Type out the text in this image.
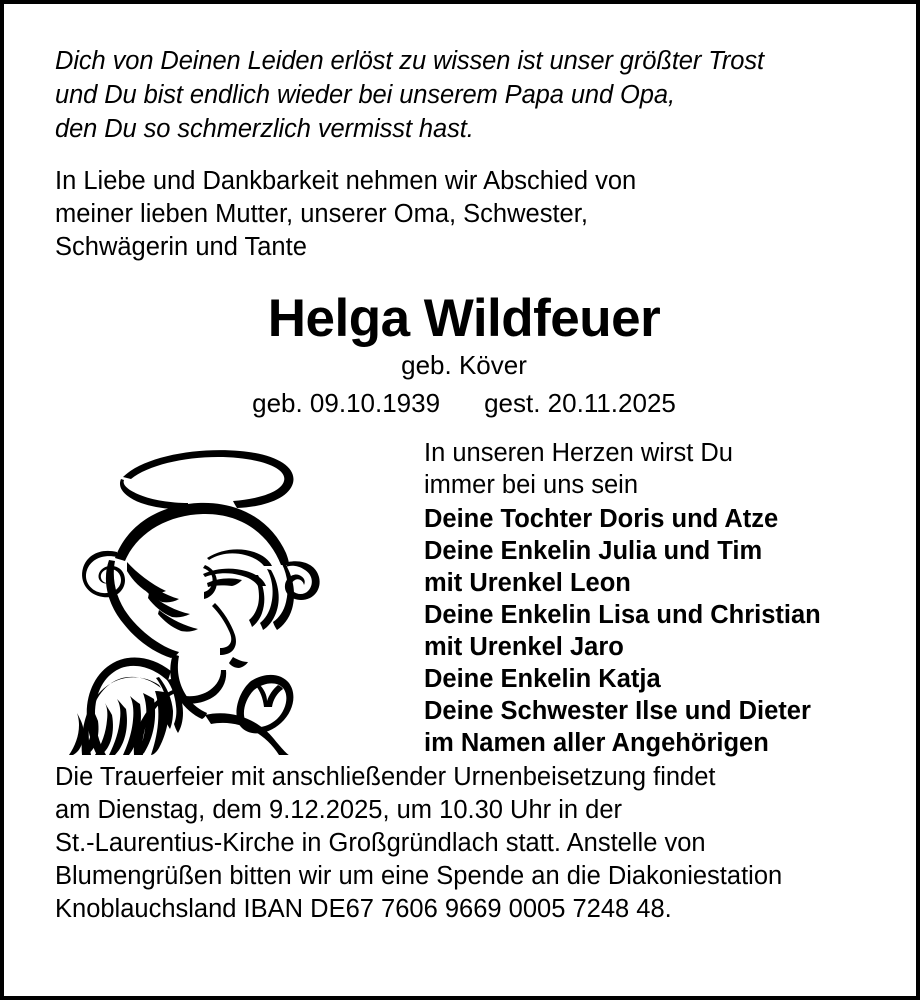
Dich von Deinen Leiden erlöst zu wissen ist unser größter Trost
und Du bist endlich wieder bei unserem Papa und Opa,
den Du so schmerzlich vermisst hast.
In Liebe und Dankbarkeit nehmen wir Abschied von
meiner lieben Mutter, unserer Oma, Schwester,
Schwägerin und Tante
Helga Wildfeuer
geb. Köver
geb. 09.10.1939 gest. 20.11.2025
In unseren Herzen wirst Du
immer bei uns sein
Deine Tochter Doris und Atze
Deine Enkelin Julia und Tim
mit Urenkel Leon
Deine Enkelin Lisa und Christian
mit Urenkel Jaro
Deine Enkelin Katja
Deine Schwester Ilse und Dieter
im Namen aller Angehörigen
Die Trauerfeier mit anschließender Urnenbeisetzung findet
am Dienstag, dem 9.12.2025, um 10.30 Uhr in der
St.-Laurentius-Kirche in Großgründlach statt. Anstelle von
Blumengrüßen bitten wir um eine Spende an die Diakoniestation
Knoblauchsland IBAN DE67 7606 9669 0005 7248 48.
